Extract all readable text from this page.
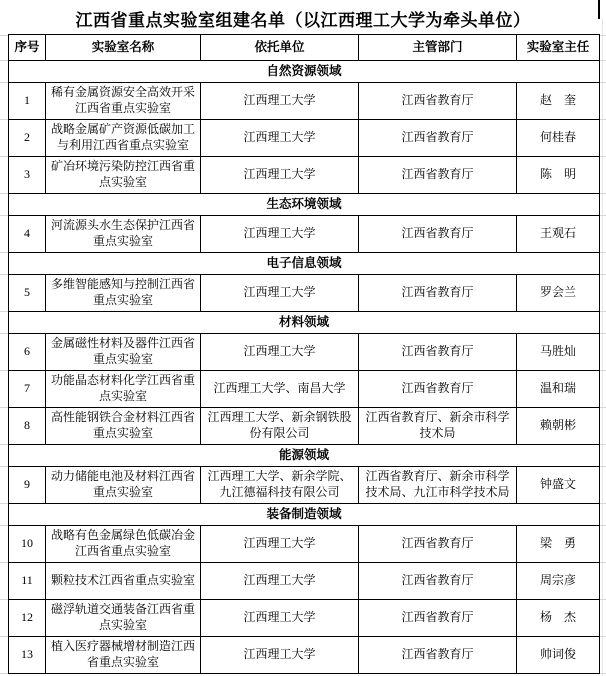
江西省重点实验室组建名单（以江西理工大学为牵头单位）
序号	实验室名称	依托单位	主管部门	实验室主任
自然资源领域				
1	稀有金属资源安全高效开采江西省重点实验室	江西理工大学	江西省教育厅	赵　奎
2	战略金属矿产资源低碳加工与利用江西省重点实验室	江西理工大学	江西省教育厅	何桂春
3	矿冶环境污染防控江西省重点实验室	江西理工大学	江西省教育厅	陈　明
生态环境领域				
4	河流源头水生态保护江西省重点实验室	江西理工大学	江西省教育厅	王观石
电子信息领域				
5	多维智能感知与控制江西省重点实验室	江西理工大学	江西省教育厅	罗会兰
材料领域				
6	金属磁性材料及器件江西省重点实验室	江西理工大学	江西省教育厅	马胜灿
7	功能晶态材料化学江西省重点实验室	江西理工大学、南昌大学	江西省教育厅	温和瑞
8	高性能钢铁合金材料江西省重点实验室	江西理工大学、新余钢铁股份有限公司	江西省教育厅、新余市科学技术局	赖朝彬
能源领域				
9	动力储能电池及材料江西省重点实验室	江西理工大学、新余学院、九江德福科技有限公司	江西省教育厅、新余市科学技术局、九江市科学技术局	钟盛文
装备制造领域				
10	战略有色金属绿色低碳冶金江西省重点实验室	江西理工大学	江西省教育厅	梁　勇
11	颗粒技术江西省重点实验室	江西理工大学	江西省教育厅	周宗彦
12	磁浮轨道交通装备江西省重点实验室	江西理工大学	江西省教育厅	杨　杰
13	植入医疗器械增材制造江西省重点实验室	江西理工大学	江西省教育厅	帅词俊
